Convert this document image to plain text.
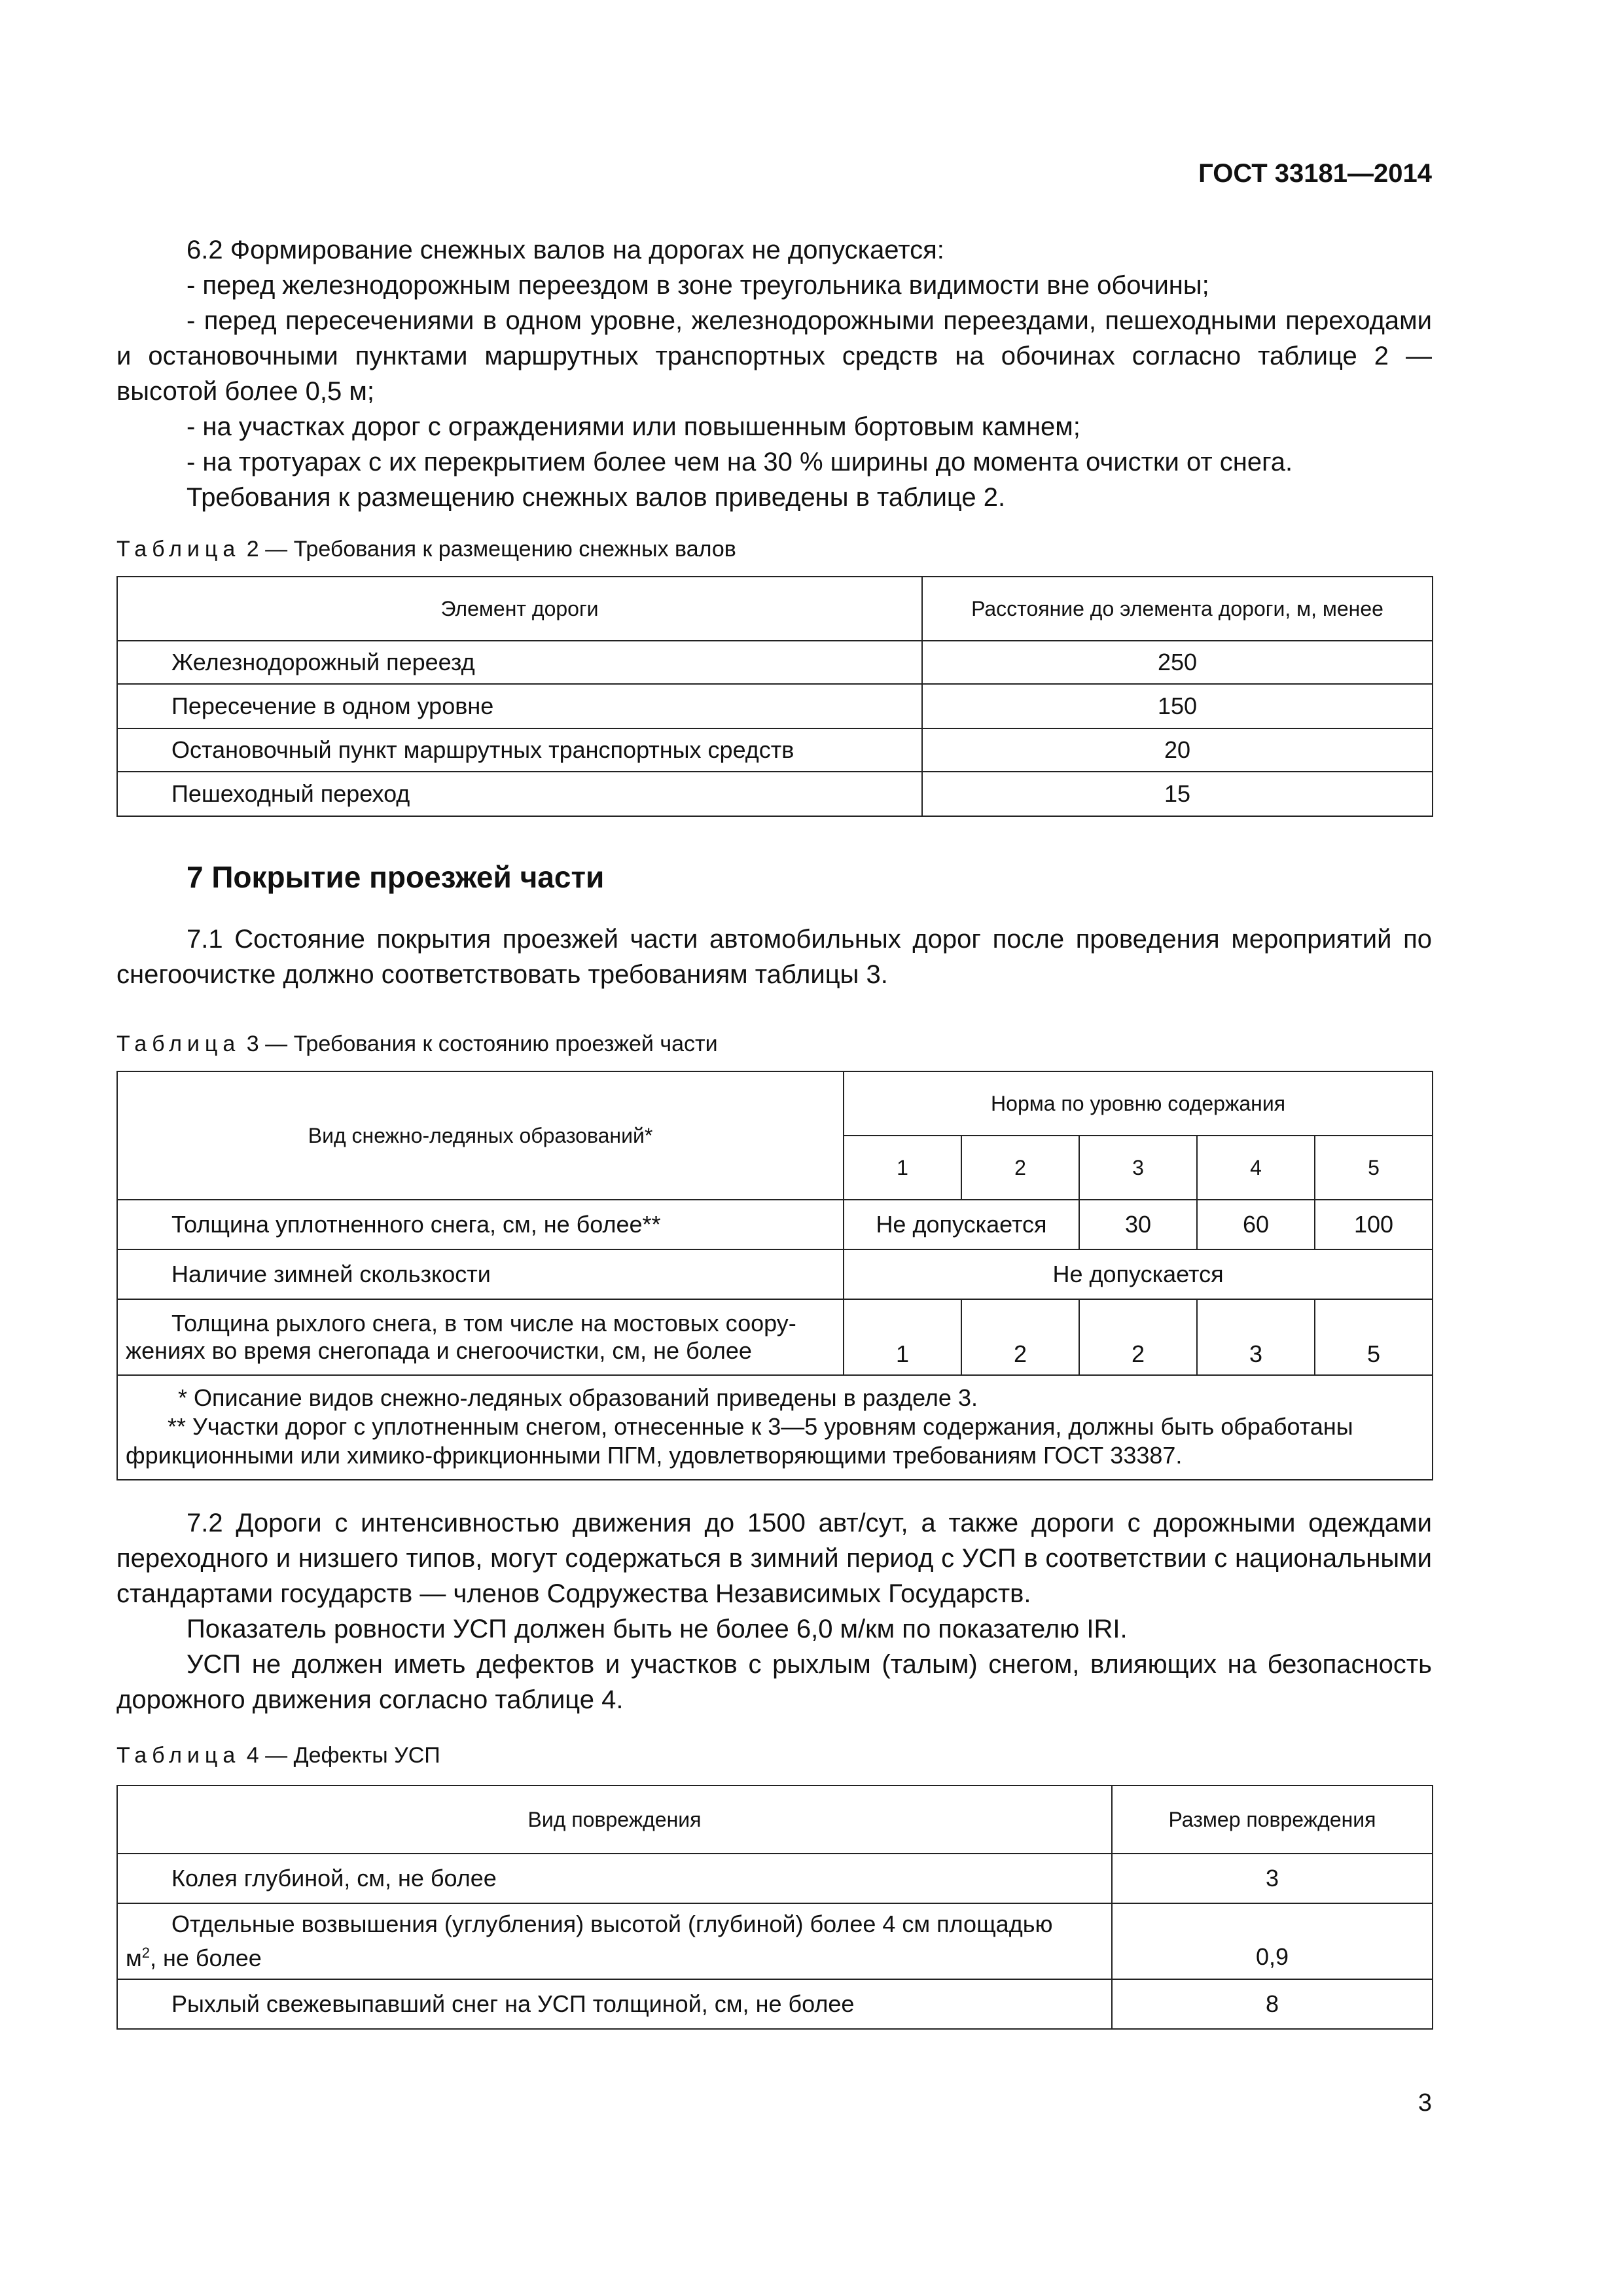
ГОСТ 33181—2014

6.2 Формирование снежных валов на дорогах не допускается:

- перед железнодорожным переездом в зоне треугольника видимости вне обочины;

- перед пересечениями в одном уровне, железнодорожными переездами, пешеходными переходами и остановочными пунктами маршрутных транспортных средств на обочинах согласно таблице 2 — высотой более 0,5 м;

- на участках дорог с ограждениями или повышенным бортовым камнем;

- на тротуарах с их перекрытием более чем на 30 % ширины до момента очистки от снега.

Требования к размещению снежных валов приведены в таблице 2.

Таблица 2 — Требования к размещению снежных валов

Элемент дороги	Расстояние до элемента дороги, м, менее
Железнодорожный переезд	250
Пересечение в одном уровне	150
Остановочный пункт маршрутных транспортных средств	20
Пешеходный переход	15

7 Покрытие проезжей части

7.1 Состояние покрытия проезжей части автомобильных дорог после проведения мероприятий по снегоочистке должно соответствовать требованиям таблицы 3.

Таблица 3 — Требования к состоянию проезжей части

Вид снежно-ледяных образований*	Норма по уровню содержания				
	1	2	3	4	5
Толщина уплотненного снега, см, не более**	Не допускается		30	60	100
Наличие зимней скользкости	Не допускается				
Толщина рыхлого снега, в том числе на мостовых соору-
жениях во время снегопада и снегоочистки, см, не более	1	2	2	3	5

* Описание видов снежно-ледяных образований приведены в разделе 3.
** Участки дорог с уплотненным снегом, отнесенные к 3—5 уровням содержания, должны быть обработаны
фрикционными или химико-фрикционными ПГМ, удовлетворяющими требованиям ГОСТ 33387.					

7.2 Дороги с интенсивностью движения до 1500 авт/сут, а также дороги с дорожными одеждами переходного и низшего типов, могут содержаться в зимний период с УСП в соответствии с национальными стандартами государств — членов Содружества Независимых Государств.

Показатель ровности УСП должен быть не более 6,0 м/км по показателю IRI.

УСП не должен иметь дефектов и участков с рыхлым (талым) снегом, влияющих на безопасность дорожного движения согласно таблице 4.

Таблица 4 — Дефекты УСП

Вид повреждения	Размер повреждения
Колея глубиной, см, не более	3

Отдельные возвышения (углубления) высотой (глубиной) более 4 см площадью
$м^2$, не более	0,9
Рыхлый свежевыпавший снег на УСП толщиной, см, не более	8
3
